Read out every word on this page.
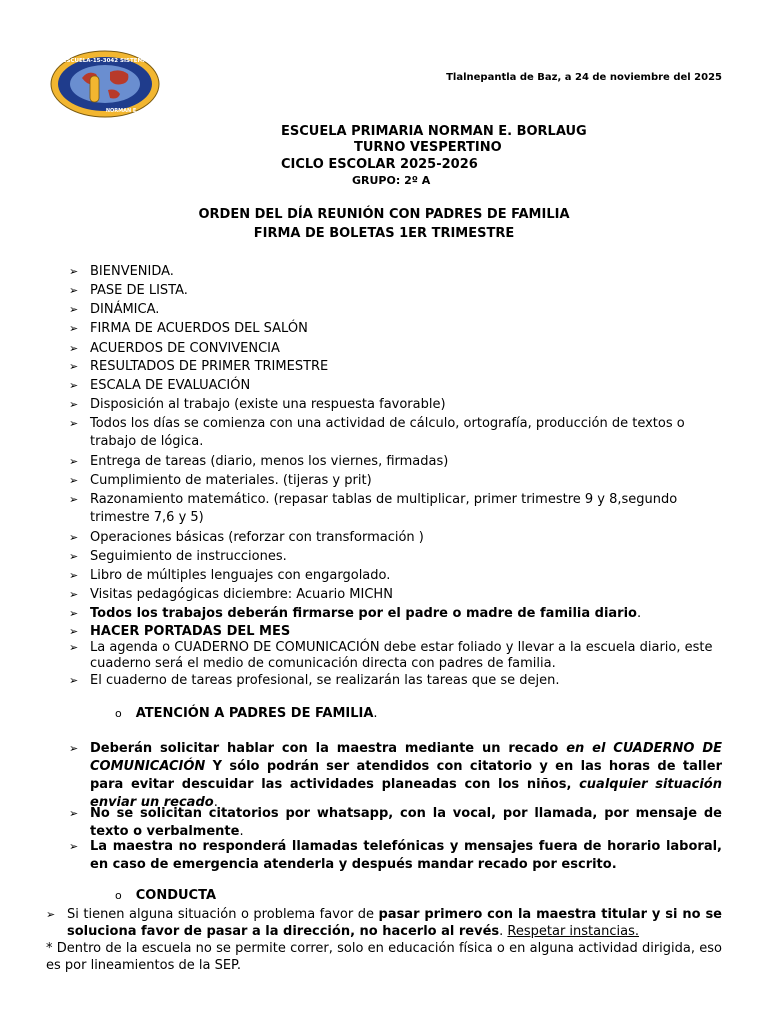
ESCUELA-15-3042 SISTEMA
NORMAN E.
Tlalnepantla de Baz, a 24 de noviembre del 2025
ESCUELA PRIMARIA NORMAN E. BORLAUG
TURNO VESPERTINO
CICLO ESCOLAR 2025-2026
GRUPO: 2º A
ORDEN DEL DÍA REUNIÓN CON PADRES DE FAMILIA
FIRMA DE BOLETAS 1ER TRIMESTRE
➢ BIENVENIDA.
➢ PASE DE LISTA.
➢ DINÁMICA.
➢ FIRMA DE ACUERDOS DEL SALÓN
➢ ACUERDOS DE CONVIVENCIA
➢ RESULTADOS DE PRIMER TRIMESTRE
➢ ESCALA DE EVALUACIÓN
➢ Disposición al trabajo (existe una respuesta favorable)
➢ Todos los días se comienza con una actividad de cálculo, ortografía, producción de textos o trabajo de lógica.
➢ Entrega de tareas (diario, menos los viernes, firmadas)
➢ Cumplimiento de materiales. (tijeras y prit)
➢ Razonamiento matemático. (repasar tablas de multiplicar, primer trimestre 9 y 8,segundo trimestre 7,6 y 5)
➢ Operaciones básicas (reforzar con transformación )
➢ Seguimiento de instrucciones.
➢ Libro de múltiples lenguajes con engargolado.
➢ Visitas pedagógicas diciembre: Acuario MICHN
➢ Todos los trabajos deberán firmarse por el padre o madre de familia diario.
➢ HACER PORTADAS DEL MES
➢ La agenda o CUADERNO DE COMUNICACIÓN debe estar foliado y llevar a la escuela diario, este cuaderno será el medio de comunicación directa con padres de familia.
➢ El cuaderno de tareas profesional, se realizarán las tareas que se dejen.
o ATENCIÓN A PADRES DE FAMILIA.
➢ Deberán solicitar hablar con la maestra mediante un recado en el CUADERNO DE COMUNICACIÓN Y sólo podrán ser atendidos con citatorio y en las horas de taller para evitar descuidar las actividades planeadas con los niños, cualquier situación enviar un recado.
➢ No se solicitan citatorios por whatsapp, con la vocal, por llamada, por mensaje de texto o verbalmente.
➢ La maestra no responderá llamadas telefónicas y mensajes fuera de horario laboral, en caso de emergencia atenderla y después mandar recado por escrito.
o CONDUCTA
➢ Si tienen alguna situación o problema favor de pasar primero con la maestra titular y si no se soluciona favor de pasar a la dirección, no hacerlo al revés. Respetar instancias.
* Dentro de la escuela no se permite correr, solo en educación física o en alguna actividad dirigida, eso es por lineamientos de la SEP.
